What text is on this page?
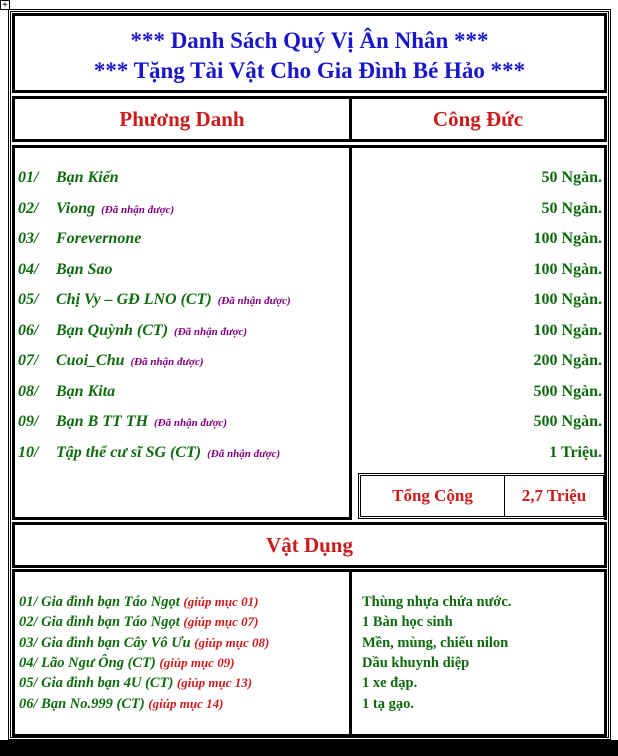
+
*** Danh Sách Quý Vị Ân Nhân ***
*** Tặng Tài Vật Cho Gia Đình Bé Hảo ***
Phương Danh	Công Đức
01/ Bạn Kiến	50 Ngàn.
02/ Viong (Đã nhận được)	50 Ngàn.
03/ Forevernone	100 Ngàn.
04/ Bạn Sao	100 Ngàn.
05/ Chị Vy – GĐ LNO (CT) (Đã nhận được)	100 Ngàn.
06/ Bạn Quỳnh (CT) (Đã nhận được)	100 Ngàn.
07/ Cuoi_Chu (Đã nhận được)	200 Ngàn.
08/ Bạn Kita	500 Ngàn.
09/ Bạn B TT TH (Đã nhận được)	500 Ngàn.
10/ Tập thể cư sĩ SG (CT) (Đã nhận được)	1 Triệu.
Tổng Cộng	2,7 Triệu
Vật Dụng
01/ Gia đình bạn Táo Ngọt (giúp mục 01)	Thùng nhựa chứa nước.
02/ Gia đình bạn Táo Ngọt (giúp mục 07)	1 Bàn học sinh
03/ Gia đình bạn Cây Vô Ưu (giúp mục 08)	Mền, mùng, chiếu nilon
04/ Lão Ngư Ông (CT) (giúp mục 09)	Dầu khuynh diệp
05/ Gia đình bạn 4U (CT) (giúp mục 13)	1 xe đạp.
06/ Bạn No.999 (CT) (giúp mục 14)	1 tạ gạo.
